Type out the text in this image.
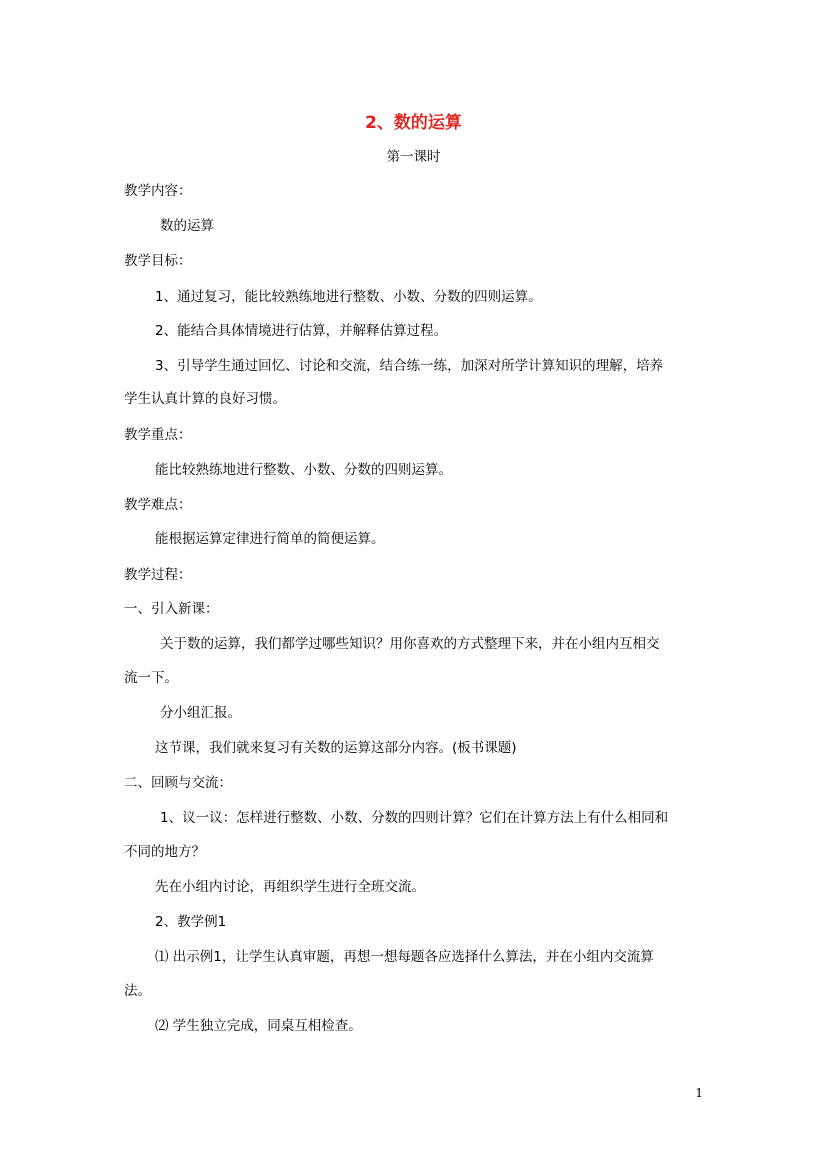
2、数的运算
第一课时
教学内容：
数的运算
教学目标：
1、通过复习，能比较熟练地进行整数、小数、分数的四则运算。
2、能结合具体情境进行估算，并解释估算过程。
3、引导学生通过回忆、讨论和交流，结合练一练，加深对所学计算知识的理解，培养
学生认真计算的良好习惯。
教学重点：
能比较熟练地进行整数、小数、分数的四则运算。
教学难点：
能根据运算定律进行简单的简便运算。
教学过程：
一、引入新课：
关于数的运算，我们都学过哪些知识？用你喜欢的方式整理下来，并在小组内互相交
流一下。
分小组汇报。
这节课，我们就来复习有关数的运算这部分内容。(板书课题)
二、回顾与交流：
1、议一议：怎样进行整数、小数、分数的四则计算？它们在计算方法上有什么相同和
不同的地方？
先在小组内讨论，再组织学生进行全班交流。
2、教学例1
⑴ 出示例1，让学生认真审题，再想一想每题各应选择什么算法，并在小组内交流算
法。
⑵ 学生独立完成，同桌互相检查。
1
